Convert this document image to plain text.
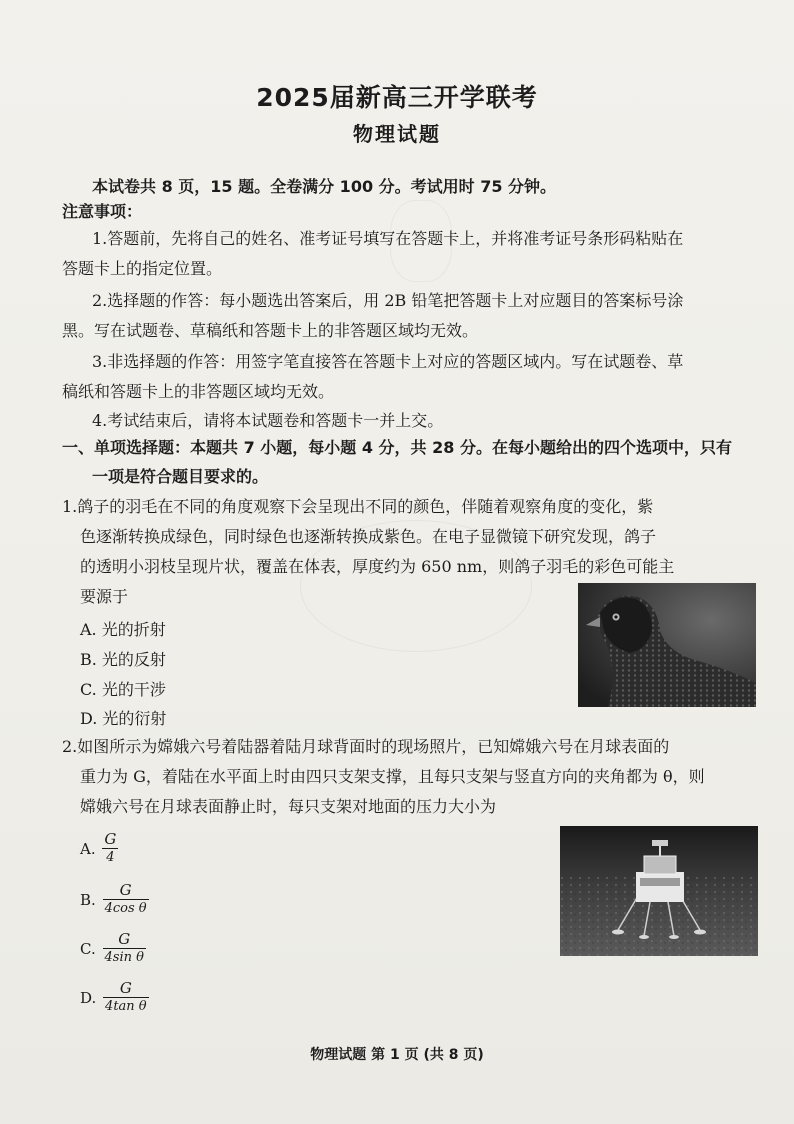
2025届新高三开学联考
物理试题
本试卷共 8 页，15 题。全卷满分 100 分。考试用时 75 分钟。
注意事项：
1.答题前，先将自己的姓名、准考证号填写在答题卡上，并将准考证号条形码粘贴在
答题卡上的指定位置。
2.选择题的作答：每小题选出答案后，用 2B 铅笔把答题卡上对应题目的答案标号涂
黑。写在试题卷、草稿纸和答题卡上的非答题区域均无效。
3.非选择题的作答：用签字笔直接答在答题卡上对应的答题区域内。写在试题卷、草
稿纸和答题卡上的非答题区域均无效。
4.考试结束后，请将本试题卷和答题卡一并上交。
一、单项选择题：本题共 7 小题，每小题 4 分，共 28 分。在每小题给出的四个选项中，只有
一项是符合题目要求的。
1.鸽子的羽毛在不同的角度观察下会呈现出不同的颜色，伴随着观察角度的变化，紫
色逐渐转换成绿色，同时绿色也逐渐转换成紫色。在电子显微镜下研究发现，鸽子
的透明小羽枝呈现片状，覆盖在体表，厚度约为 650 nm，则鸽子羽毛的彩色可能主
要源于
A. 光的折射
B. 光的反射
C. 光的干涉
D. 光的衍射
2.如图所示为嫦娥六号着陆器着陆月球背面时的现场照片，已知嫦娥六号在月球表面的
重力为 G，着陆在水平面上时由四只支架支撑，且每只支架与竖直方向的夹角都为 θ，则
嫦娥六号在月球表面静止时，每只支架对地面的压力大小为
A. $\frac{G}{4}$
B. $\frac{G}{\text{4cos θ}}$
C. $\frac{G}{\text{4sin θ}}$
D. $\frac{G}{\text{4tan θ}}$
物理试题 第 1 页 (共 8 页)
